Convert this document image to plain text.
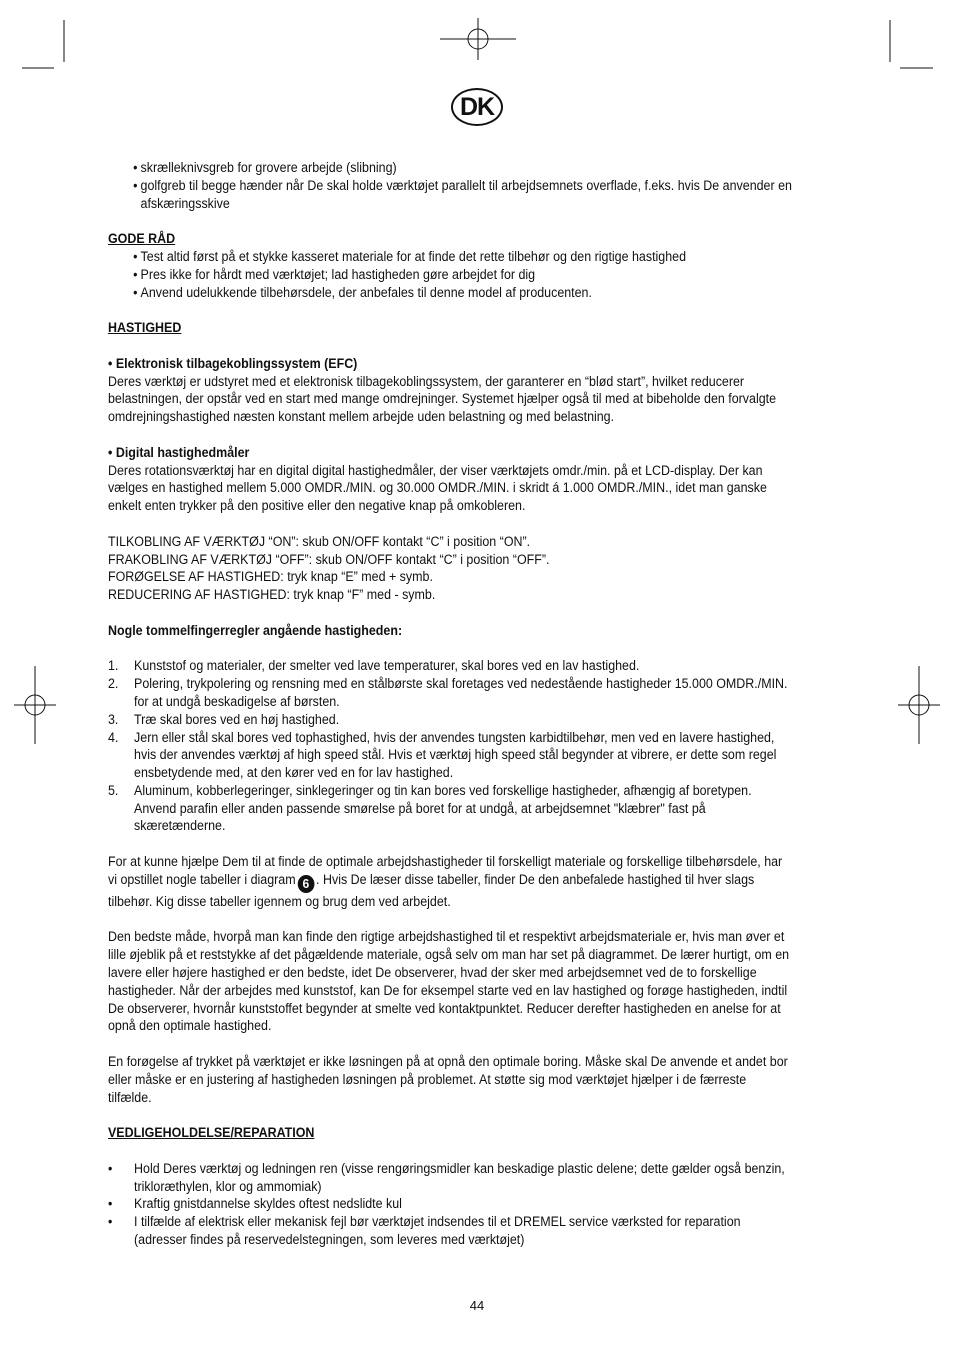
DK

• skrælleknivsgreb for grovere arbejde (slibning)

• golfgreb til begge hænder når De skal holde værktøjet parallelt til arbejdsemnets overflade, f.eks. hvis De anvender en

afskæringsskive

GODE RÅD

• Test altid først på et stykke kasseret materiale for at finde det rette tilbehør og den rigtige hastighed

• Pres ikke for hårdt med værktøjet; lad hastigheden gøre arbejdet for dig

• Anvend udelukkende tilbehørsdele, der anbefales til denne model af producenten.

HASTIGHED

• Elektronisk tilbagekoblingssystem (EFC)

Deres værktøj er udstyret med et elektronisk tilbagekoblingssystem, der garanterer en “blød start”, hvilket reducerer

belastningen, der opstår ved en start med mange omdrejninger. Systemet hjælper også til med at bibeholde den forvalgte

omdrejningshastighed næsten konstant mellem arbejde uden belastning og med belastning.

• Digital hastighedmåler

Deres rotationsværktøj har en digital digital hastighedmåler, der viser værktøjets omdr./min. på et LCD-display. Der kan

vælges en hastighed mellem 5.000 OMDR./MIN. og 30.000 OMDR./MIN. i skridt á 1.000 OMDR./MIN., idet man ganske

enkelt enten trykker på den positive eller den negative knap på omkobleren.

TILKOBLING AF VÆRKTØJ “ON”: skub ON/OFF kontakt “C” i position “ON”.

FRAKOBLING AF VÆRKTØJ “OFF”: skub ON/OFF kontakt “C” i position “OFF”.

FORØGELSE AF HASTIGHED: tryk knap “E” med + symb.

REDUCERING AF HASTIGHED: tryk knap “F” med - symb.

Nogle tommelfingerregler angående hastigheden:

1. Kunststof og materialer, der smelter ved lave temperaturer, skal bores ved en lav hastighed.

2. Polering, trykpolering og rensning med en stålbørste skal foretages ved nedestående hastigheder 15.000 OMDR./MIN.

for at undgå beskadigelse af børsten.

3. Træ skal bores ved en høj hastighed.

4. Jern eller stål skal bores ved tophastighed, hvis der anvendes tungsten karbidtilbehør, men ved en lavere hastighed,

hvis der anvendes værktøj af high speed stål. Hvis et værktøj high speed stål begynder at vibrere, er dette som regel

ensbetydende med, at den kører ved en for lav hastighed.

5. Aluminum, kobberlegeringer, sinklegeringer og tin kan bores ved forskellige hastigheder, afhængig af boretypen.

Anvend parafin eller anden passende smørelse på boret for at undgå, at arbejdsemnet "klæbrer" fast på

skæretænderne.

For at kunne hjælpe Dem til at finde de optimale arbejdshastigheder til forskelligt materiale og forskellige tilbehørsdele, har

vi opstillet nogle tabeller i diagram 6 . Hvis De læser disse tabeller, finder De den anbefalede hastighed til hver slags

tilbehør. Kig disse tabeller igennem og brug dem ved arbejdet.

Den bedste måde, hvorpå man kan finde den rigtige arbejdshastighed til et respektivt arbejdsmateriale er, hvis man øver et

lille øjeblik på et reststykke af det pågældende materiale, også selv om man har set på diagrammet. De lærer hurtigt, om en

lavere eller højere hastighed er den bedste, idet De observerer, hvad der sker med arbejdsemnet ved de to forskellige

hastigheder. Når der arbejdes med kunststof, kan De for eksempel starte ved en lav hastighed og forøge hastigheden, indtil

De observerer, hvornår kunststoffet begynder at smelte ved kontaktpunktet. Reducer derefter hastigheden en anelse for at

opnå den optimale hastighed.

En forøgelse af trykket på værktøjet er ikke løsningen på at opnå den optimale boring. Måske skal De anvende et andet bor

eller måske er en justering af hastigheden løsningen på problemet. At støtte sig mod værktøjet hjælper i de færreste

tilfælde.

VEDLIGEHOLDELSE/REPARATION

• Hold Deres værktøj og ledningen ren (visse rengøringsmidler kan beskadige plastic delene; dette gælder også benzin,

trikloræthylen, klor og ammomiak)

• Kraftig gnistdannelse skyldes oftest nedslidte kul

• I tilfælde af elektrisk eller mekanisk fejl bør værktøjet indsendes til et DREMEL service værksted for reparation

(adresser findes på reservedelstegningen, som leveres med værktøjet)

44
